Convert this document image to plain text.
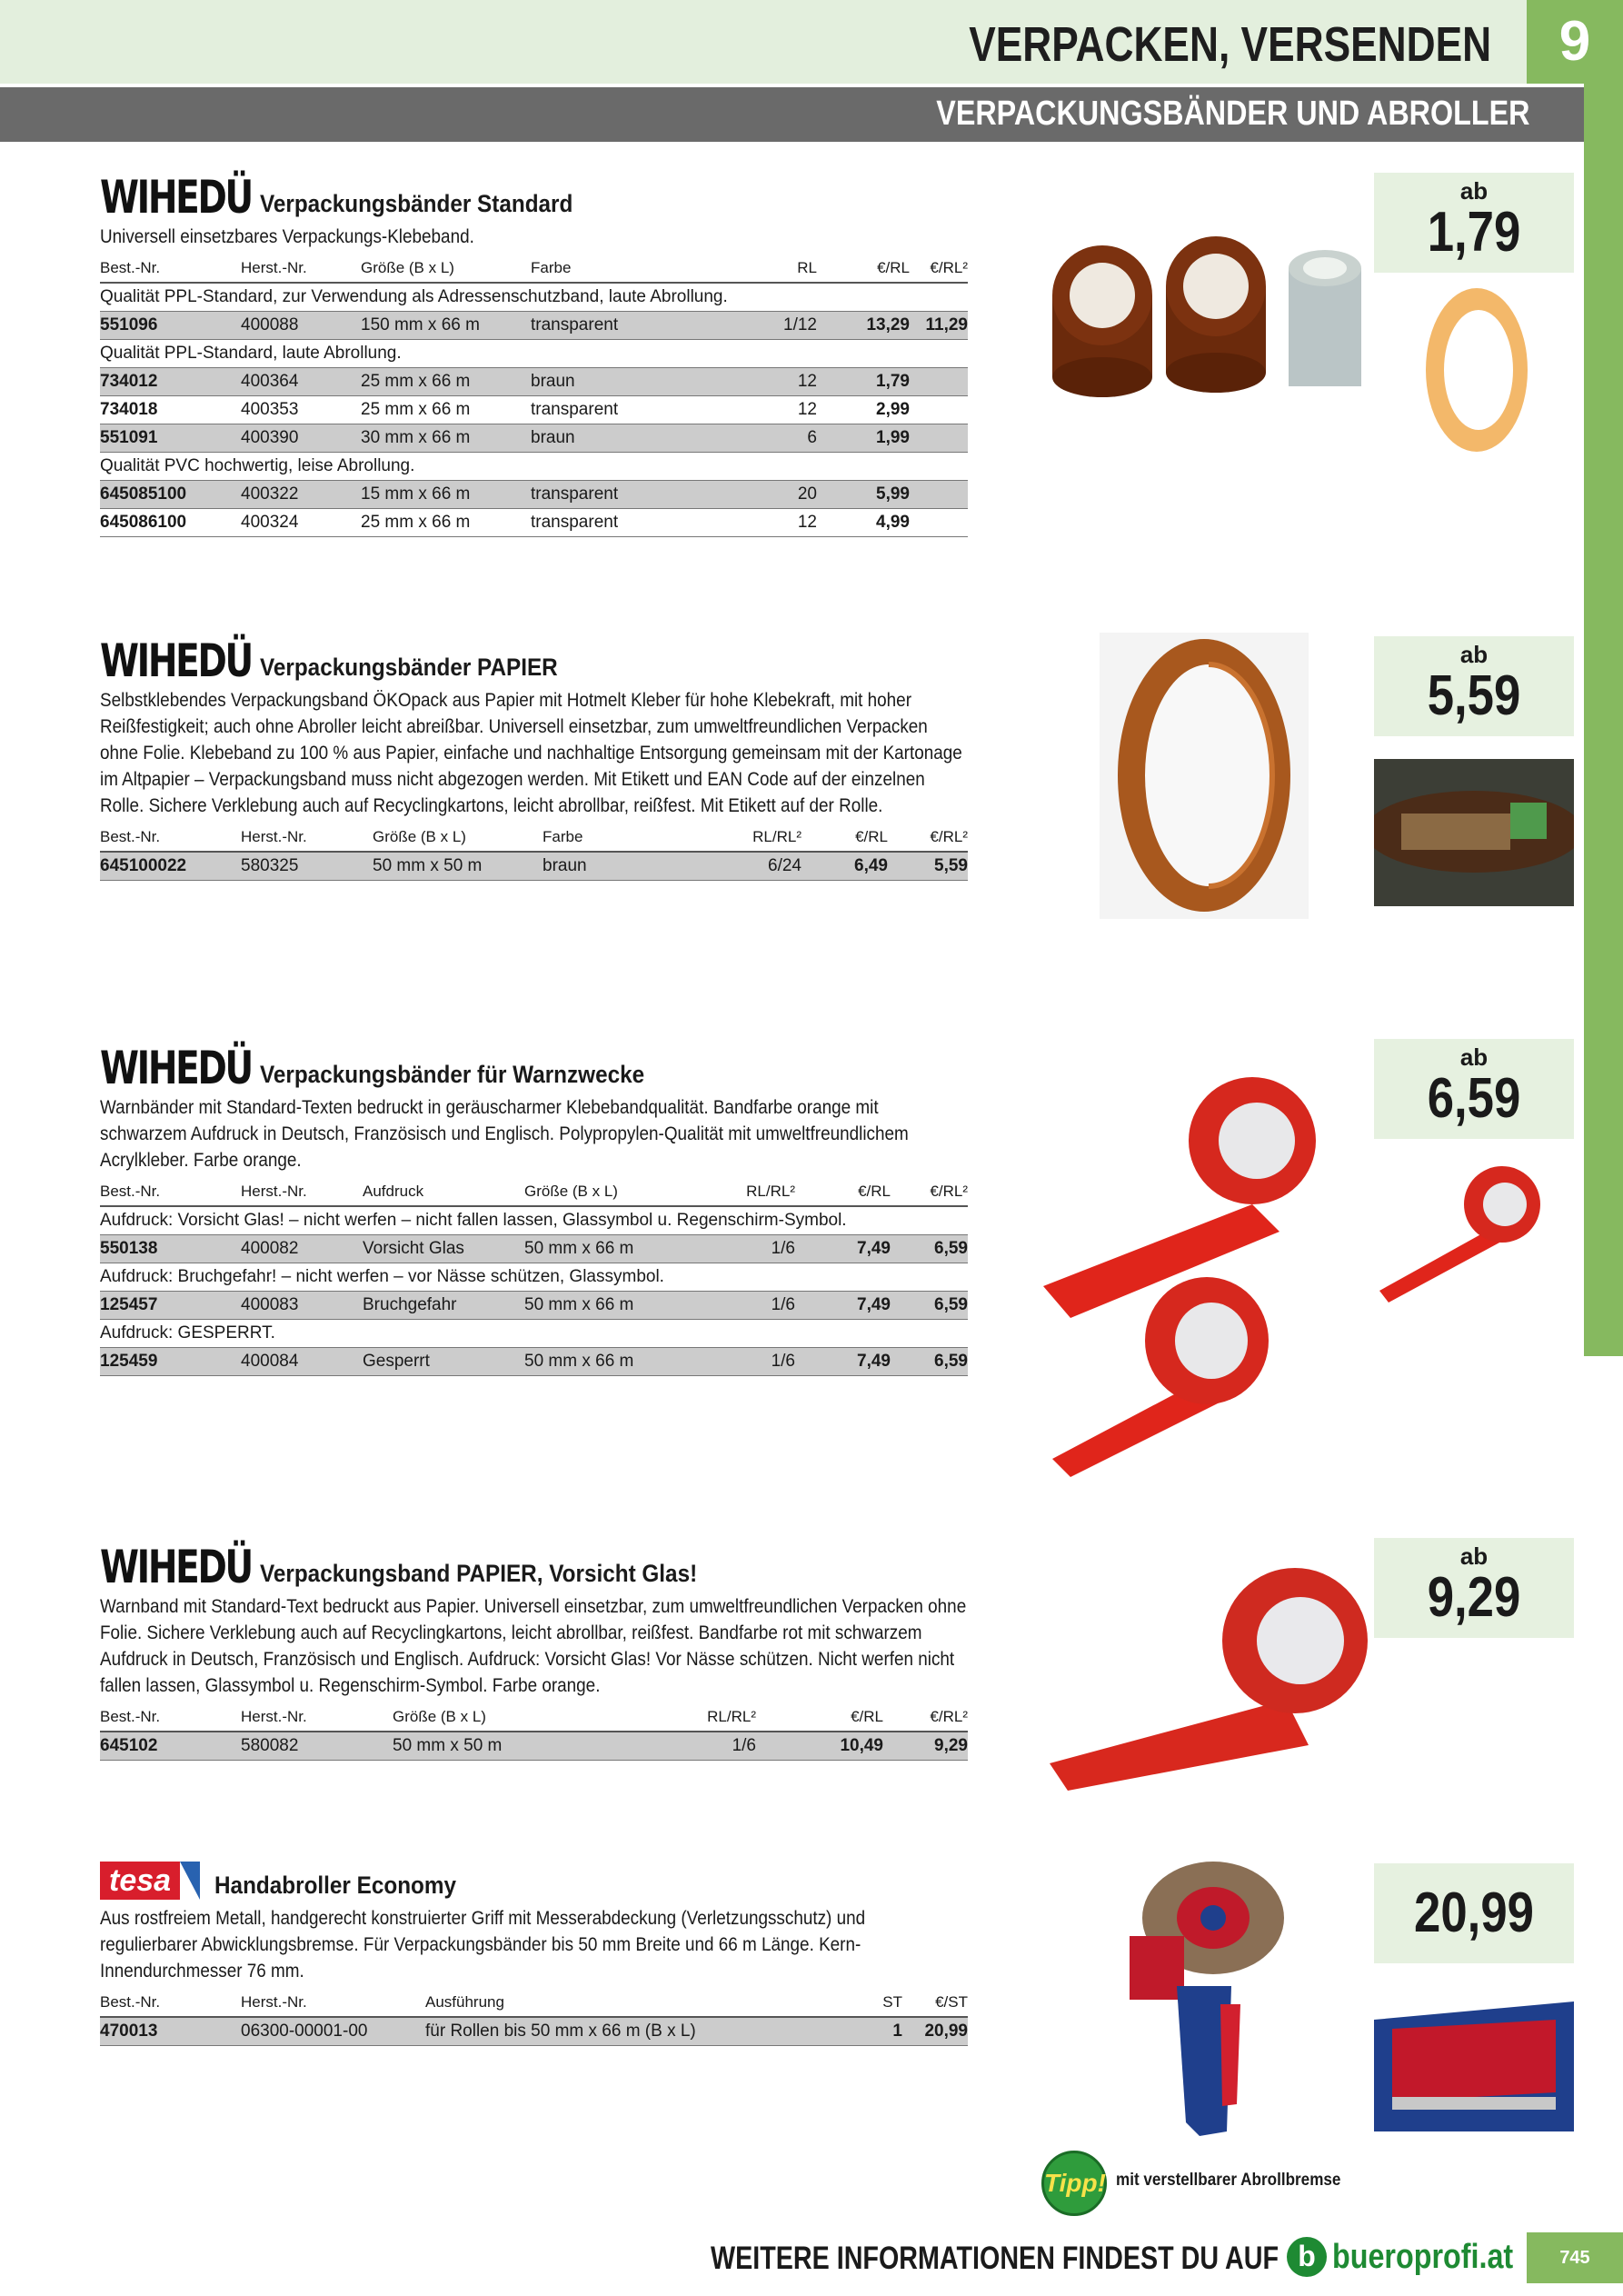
VERPACKEN, VERSENDEN	9
VERPACKUNGSBÄNDER UND ABROLLER
WIHEDÜ Verpackungsbänder Standard
Universell einsetzbares Verpackungs-Klebeband.
Best.-Nr.	Herst.-Nr.	Größe (B x L)	Farbe	RL	€/RL	€/RL²
Qualität PPL-Standard, zur Verwendung als Adressenschutzband, laute Abrollung.						
551096	400088	150 mm x 66 m	transparent	1/12	13,29	11,29
Qualität PPL-Standard, laute Abrollung.						
734012	400364	25 mm x 66 m	braun	12	1,79	
734018	400353	25 mm x 66 m	transparent	12	2,99	
551091	400390	30 mm x 66 m	braun	6	1,99	
Qualität PVC hochwertig, leise Abrollung.						
645085100	400322	15 mm x 66 m	transparent	20	5,99	
645086100	400324	25 mm x 66 m	transparent	12	4,99	
ab
1,79
WIHEDÜ Verpackungsbänder PAPIER
Selbstklebendes Verpackungsband ÖKOpack aus Papier mit Hotmelt Kleber für hohe Klebekraft, mit hoher Reißfestigkeit; auch ohne Abroller leicht abreißbar. Universell einsetzbar, zum umweltfreundlichen Verpacken ohne Folie. Klebeband zu 100 % aus Papier, einfache und nachhaltige Entsorgung gemeinsam mit der Kartonage im Altpapier – Verpackungsband muss nicht abgezogen werden. Mit Etikett und EAN Code auf der einzelnen Rolle. Sichere Verklebung auch auf Recyclingkartons, leicht abrollbar, reißfest. Mit Etikett auf der Rolle.
Best.-Nr.	Herst.-Nr.	Größe (B x L)	Farbe	RL/RL²	€/RL	€/RL²
645100022	580325	50 mm x 50 m	braun	6/24	6,49	5,59
ab
5,59
WIHEDÜ Verpackungsbänder für Warnzwecke
Warnbänder mit Standard-Texten bedruckt in geräuscharmer Klebebandqualität. Bandfarbe orange mit schwarzem Aufdruck in Deutsch, Französisch und Englisch. Polypropylen-Qualität mit umweltfreundlichem Acrylkleber. Farbe orange.
Best.-Nr.	Herst.-Nr.	Aufdruck	Größe (B x L)	RL/RL²	€/RL	€/RL²
Aufdruck: Vorsicht Glas! – nicht werfen – nicht fallen lassen, Glassymbol u. Regenschirm-Symbol.						
550138	400082	Vorsicht Glas	50 mm x 66 m	1/6	7,49	6,59
Aufdruck: Bruchgefahr! – nicht werfen – vor Nässe schützen, Glassymbol.						
125457	400083	Bruchgefahr	50 mm x 66 m	1/6	7,49	6,59
Aufdruck: GESPERRT.						
125459	400084	Gesperrt	50 mm x 66 m	1/6	7,49	6,59
ab
6,59
WIHEDÜ Verpackungsband PAPIER, Vorsicht Glas!
Warnband mit Standard-Text bedruckt aus Papier. Universell einsetzbar, zum umweltfreundlichen Verpacken ohne Folie. Sichere Verklebung auch auf Recyclingkartons, leicht abrollbar, reißfest. Bandfarbe rot mit schwarzem Aufdruck in Deutsch, Französisch und Englisch. Aufdruck: Vorsicht Glas! Vor Nässe schützen. Nicht werfen nicht fallen lassen, Glassymbol u. Regenschirm-Symbol. Farbe orange.
Best.-Nr.	Herst.-Nr.	Größe (B x L)	RL/RL²	€/RL	€/RL²
645102	580082	50 mm x 50 m	1/6	10,49	9,29
ab
9,29
tesa	Handabroller Economy
Aus rostfreiem Metall, handgerecht konstruierter Griff mit Messerabdeckung (Verletzungsschutz) und regulierbarer Abwicklungsbremse. Für Verpackungsbänder bis 50 mm Breite und 66 m Länge. Kern-Innendurchmesser 76 mm.
Best.-Nr.	Herst.-Nr.	Ausführung	ST	€/ST
470013	06300-00001-00	für Rollen bis 50 mm x 66 m (B x L)	1	20,99
20,99
Tipp! mit verstellbarer Abrollbremse
WEITERE INFORMATIONEN FINDEST DU AUF b bueroprofi.at	745
